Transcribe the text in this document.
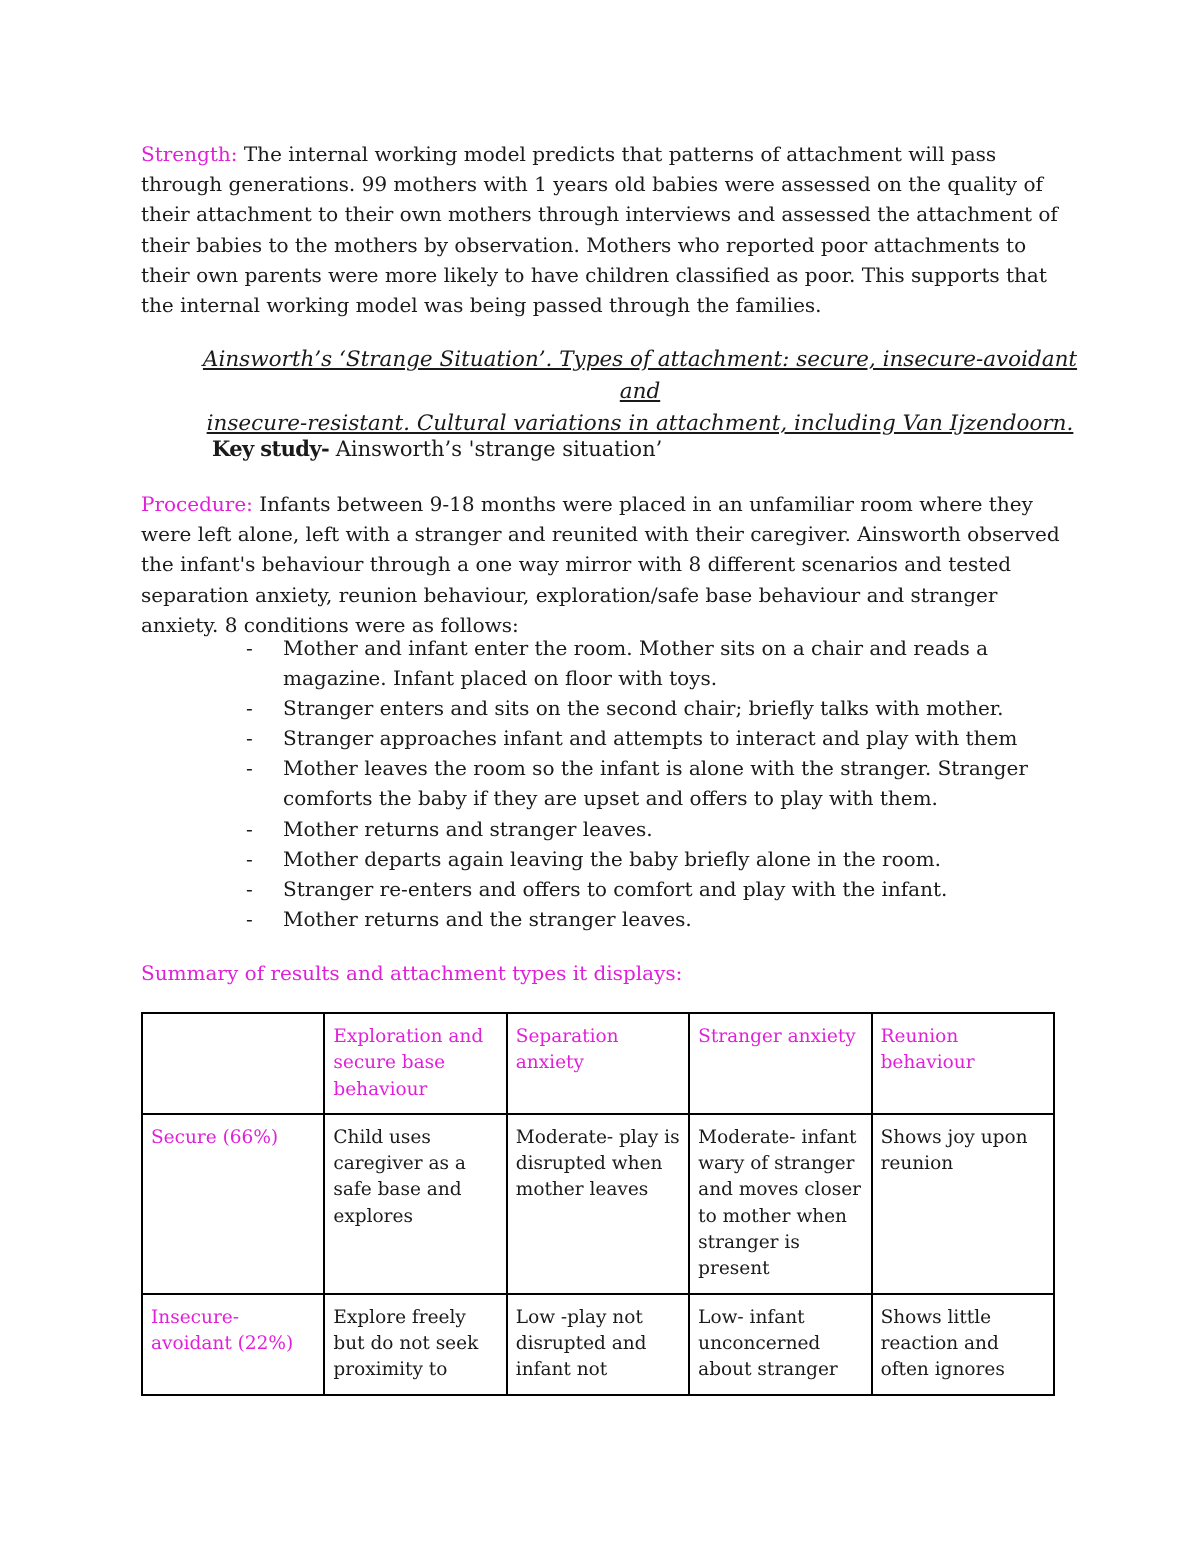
Strength: The internal working model predicts that patterns of attachment will pass through generations. 99 mothers with 1 years old babies were assessed on the quality of their attachment to their own mothers through interviews and assessed the attachment of their babies to the mothers by observation. Mothers who reported poor attachments to their own parents were more likely to have children classified as poor. This supports that the internal working model was being passed through the families.

Ainsworth’s ‘Strange Situation’. Types of attachment: secure, insecure-avoidant and
insecure-resistant. Cultural variations in attachment, including Van Ijzendoorn.

Key study- Ainsworth’s 'strange situation’

Procedure: Infants between 9-18 months were placed in an unfamiliar room where they were left alone, left with a stranger and reunited with their caregiver. Ainsworth observed the infant's behaviour through a one way mirror with 8 different scenarios and tested separation anxiety, reunion behaviour, exploration/safe base behaviour and stranger anxiety. 8 conditions were as follows:

- Mother and infant enter the room. Mother sits on a chair and reads a magazine. Infant placed on floor with toys.
- Stranger enters and sits on the second chair; briefly talks with mother.
- Stranger approaches infant and attempts to interact and play with them
- Mother leaves the room so the infant is alone with the stranger. Stranger comforts the baby if they are upset and offers to play with them.
- Mother returns and stranger leaves.
- Mother departs again leaving the baby briefly alone in the room.
- Stranger re-enters and offers to comfort and play with the infant.
- Mother returns and the stranger leaves.

Summary of results and attachment types it displays:

	Exploration and secure base behaviour	Separation anxiety	Stranger anxiety	Reunion behaviour
Secure (66%)	Child uses caregiver as a safe base and explores	Moderate- play is disrupted when mother leaves	Moderate- infant wary of stranger and moves closer to mother when stranger is present	Shows joy upon reunion
Insecure-avoidant (22%)	Explore freely but do not seek proximity to	Low -play not disrupted and infant not	Low- infant unconcerned about stranger	Shows little reaction and often ignores
